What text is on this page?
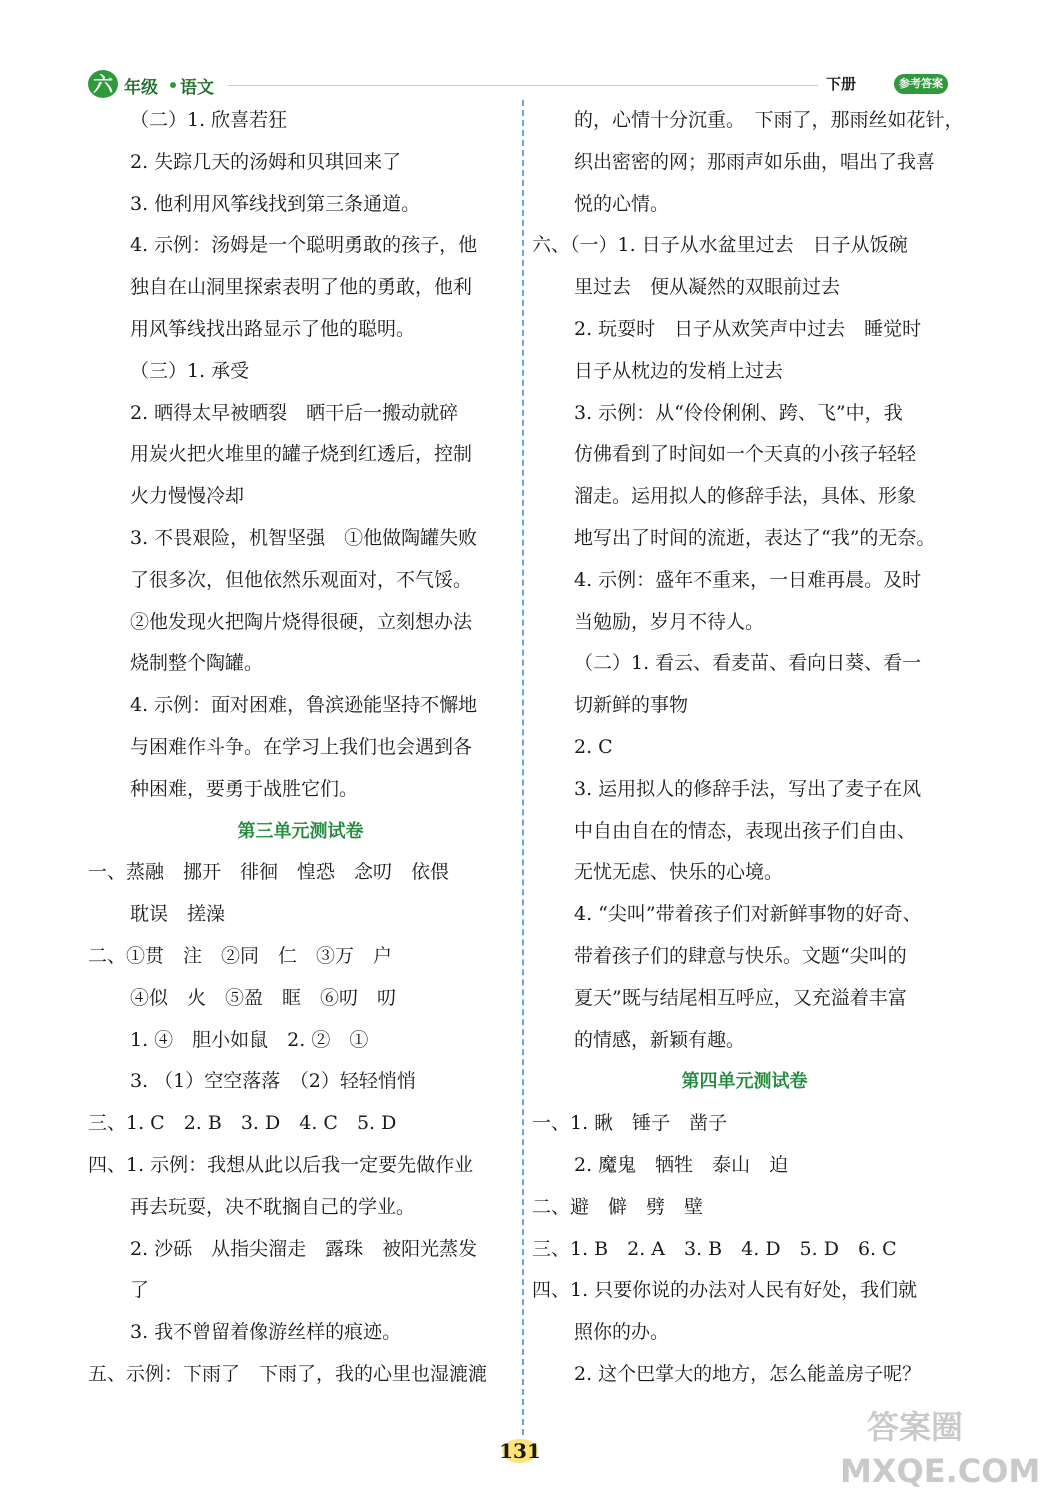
六 年级 语文	下册	参考答案
（二）1. 欣喜若狂
2. 失踪几天的汤姆和贝琪回来了
3. 他利用风筝线找到第三条通道。
4. 示例：汤姆是一个聪明勇敢的孩子，他
独自在山洞里探索表明了他的勇敢，他利
用风筝线找出路显示了他的聪明。
（三）1. 承受
2. 晒得太早被晒裂　晒干后一搬动就碎
用炭火把火堆里的罐子烧到红透后，控制
火力慢慢冷却
3. 不畏艰险，机智坚强　①他做陶罐失败
了很多次，但他依然乐观面对，不气馁。
②他发现火把陶片烧得很硬，立刻想办法
烧制整个陶罐。
4. 示例：面对困难，鲁滨逊能坚持不懈地
与困难作斗争。在学习上我们也会遇到各
种困难，要勇于战胜它们。
第三单元测试卷
一、蒸融　挪开　徘徊　惶恐　念叨　依偎
耽误　搓澡
二、①贯　注　②同　仁　③万　户
④似　火　⑤盈　眶　⑥叨　叨
1. ④　胆小如鼠　2. ②　①
3. （1）空空落落　（2）轻轻悄悄
三、1. C　2. B　3. D　4. C　5. D
四、1. 示例：我想从此以后我一定要先做作业
再去玩耍，决不耽搁自己的学业。
2. 沙砾　从指尖溜走　露珠　被阳光蒸发
了
3. 我不曾留着像游丝样的痕迹。
五、示例：下雨了　下雨了，我的心里也湿漉漉
的，心情十分沉重。　下雨了，那雨丝如花针，
织出密密的网；那雨声如乐曲，唱出了我喜
悦的心情。
六、（一）1. 日子从水盆里过去　日子从饭碗
里过去　便从凝然的双眼前过去
2. 玩耍时　日子从欢笑声中过去　睡觉时
日子从枕边的发梢上过去
3. 示例：从“伶伶俐俐、跨、飞”中，我
仿佛看到了时间如一个天真的小孩子轻轻
溜走。运用拟人的修辞手法，具体、形象
地写出了时间的流逝，表达了“我”的无奈。
4. 示例：盛年不重来，一日难再晨。及时
当勉励，岁月不待人。
（二）1. 看云、看麦苗、看向日葵、看一
切新鲜的事物
2. C
3. 运用拟人的修辞手法，写出了麦子在风
中自由自在的情态，表现出孩子们自由、
无忧无虑、快乐的心境。
4. “尖叫”带着孩子们对新鲜事物的好奇、
带着孩子们的肆意与快乐。文题“尖叫的
夏天”既与结尾相互呼应，又充溢着丰富
的情感，新颖有趣。
第四单元测试卷
一、1. 瞅　锤子　凿子
2. 魔鬼　牺牲　泰山　迫
二、避　僻　劈　壁
三、1. B　2. A　3. B　4. D　5. D　6. C
四、1. 只要你说的办法对人民有好处，我们就
照你的办。
2. 这个巴掌大的地方，怎么能盖房子呢？
131
答案圈 MXQE.COM
